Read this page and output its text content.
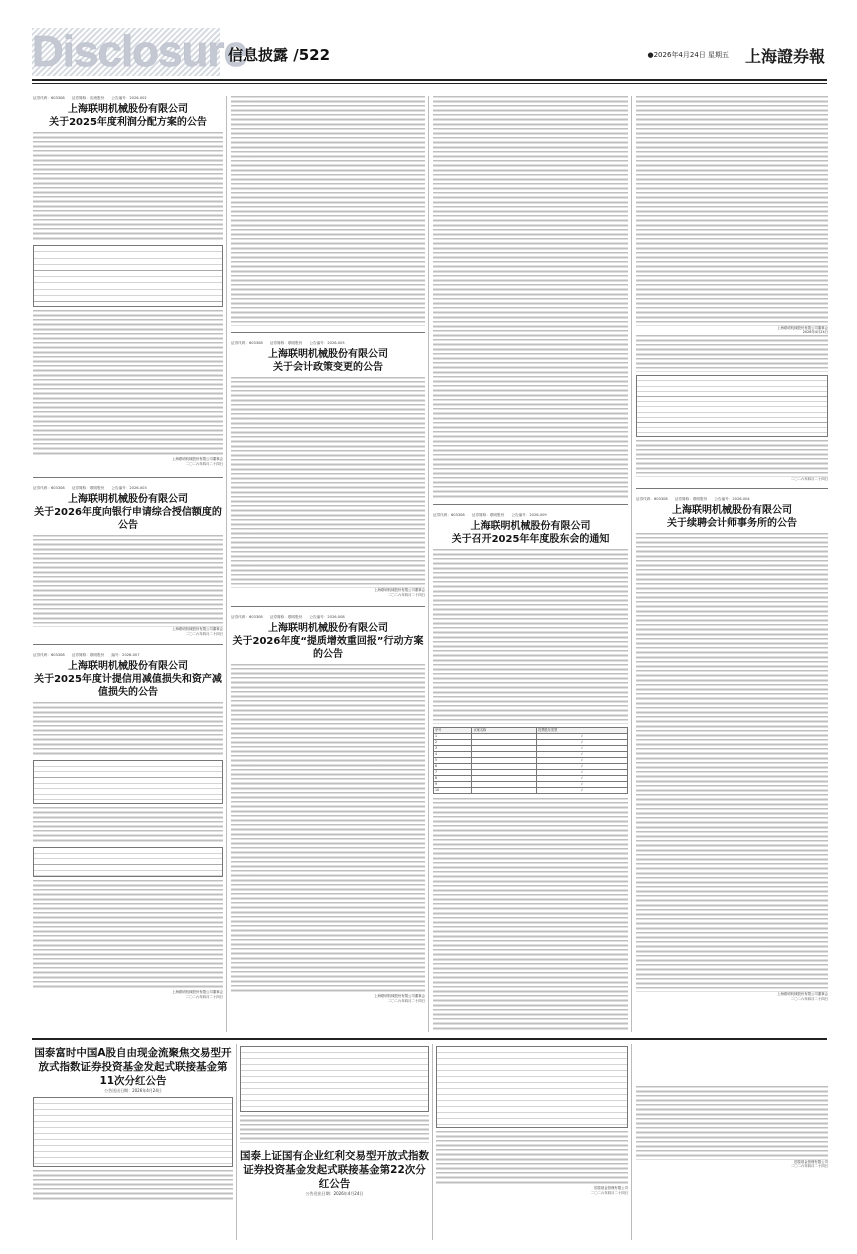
Disclosure
信息披露 /522	●2026年4月24日 星期五 上海證券報
证券代码：603308　　证券简称：应流股份　　公告编号：2026-002
上海联明机械股份有限公司
关于2025年度利润分配方案的公告
上海联明机械股份有限公司董事会
二〇二六年四月二十四日
证券代码：603308　　证券简称：联明股份　　公告编号：2026-003
上海联明机械股份有限公司
关于2026年度向银行申请综合授信额度的公告
上海联明机械股份有限公司董事会
二〇二六年四月二十四日
证券代码：603308　　证券简称：联明股份　　编号：2026-007
上海联明机械股份有限公司
关于2025年度计提信用减值损失和资产减值损失的公告
上海联明机械股份有限公司董事会
二〇二六年四月二十四日
证券代码：603308　　证券简称：联明股份　　公告编号：2026-005
上海联明机械股份有限公司
关于会计政策变更的公告
上海联明机械股份有限公司董事会
二〇二六年四月二十四日
证券代码：603308　　证券简称：联明股份　　公告编号：2026-008
上海联明机械股份有限公司
关于2026年度“提质增效重回报”行动方案的公告
上海联明机械股份有限公司董事会
二〇二六年四月二十四日
证券代码：603308　　证券简称：联明股份　　公告编号：2026-009
上海联明机械股份有限公司
关于召开2025年年度股东会的通知
序号	议案名称	投票股东类型
1		√
2		√
3		√
4		√
5		√
6		√
7		√
8		√
9		√
10		√
上海联明机械股份有限公司董事会
2026年4月24日
二〇二六年四月二十四日
证券代码：603308　　证券简称：联明股份　　公告编号：2026-004
上海联明机械股份有限公司
关于续聘会计师事务所的公告
上海联明机械股份有限公司董事会
二〇二六年四月二十四日
国泰富时中国A股自由现金流聚焦交易型开放式指数证券投资基金发起式联接基金第11次分红公告
公告送出日期：2026年4月24日
国泰上证国有企业红利交易型开放式指数证券投资基金发起式联接基金第22次分红公告
公告送出日期：2026年4月24日
国泰基金管理有限公司
二〇二六年四月二十四日
国泰基金管理有限公司
二〇二六年四月二十四日
